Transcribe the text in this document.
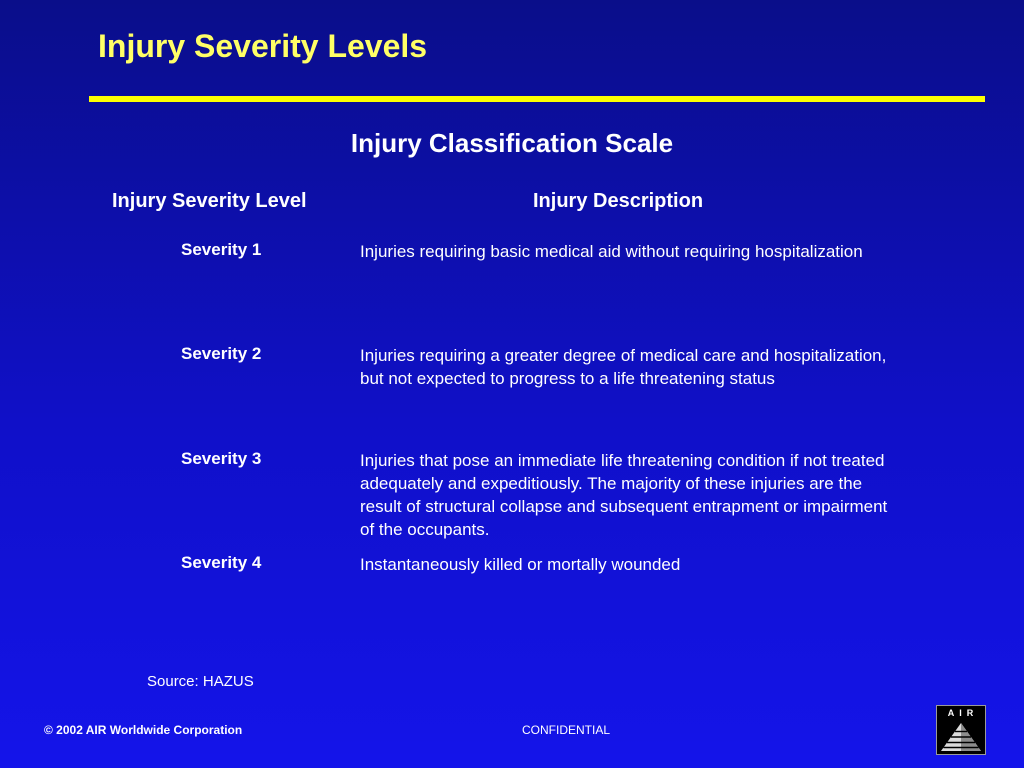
Injury Severity Levels
Injury Classification Scale
Injury Severity Level	Injury Description
Severity 1	Injuries requiring basic medical aid without requiring hospitalization
Severity 2	Injuries requiring a greater degree of medical care and hospitalization, but not expected to progress to a life threatening status
Severity 3	Injuries that pose an immediate life threatening condition if not treated adequately and expeditiously. The majority of these injuries are the result of structural collapse and subsequent entrapment or impairment of the occupants.
Severity 4	Instantaneously killed or mortally wounded
Source: HAZUS
© 2002 AIR Worldwide Corporation	CONFIDENTIAL
AIR
